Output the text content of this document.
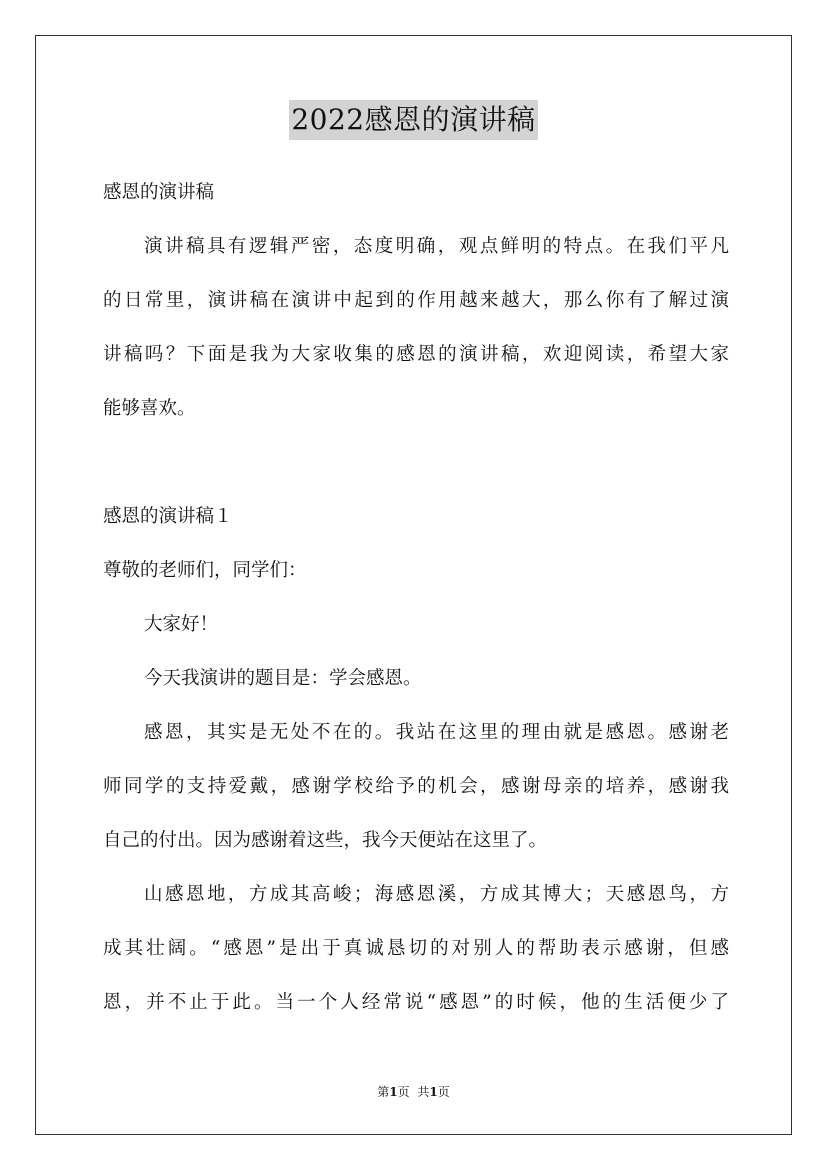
2022感恩的演讲稿
感恩的演讲稿
演讲稿具有逻辑严密，态度明确，观点鲜明的特点。在我们平凡
的日常里，演讲稿在演讲中起到的作用越来越大，那么你有了解过演
讲稿吗？下面是我为大家收集的感恩的演讲稿，欢迎阅读，希望大家
能够喜欢。
感恩的演讲稿１
尊敬的老师们，同学们：
大家好！
今天我演讲的题目是：学会感恩。
感恩，其实是无处不在的。我站在这里的理由就是感恩。感谢老
师同学的支持爱戴，感谢学校给予的机会，感谢母亲的培养，感谢我
自己的付出。因为感谢着这些，我今天便站在这里了。
山感恩地，方成其高峻；海感恩溪，方成其博大；天感恩鸟，方
成其壮阔。“感恩”是出于真诚恳切的对别人的帮助表示感谢，但感
恩，并不止于此。当一个人经常说“感恩”的时候，他的生活便少了
第1页 共1页
